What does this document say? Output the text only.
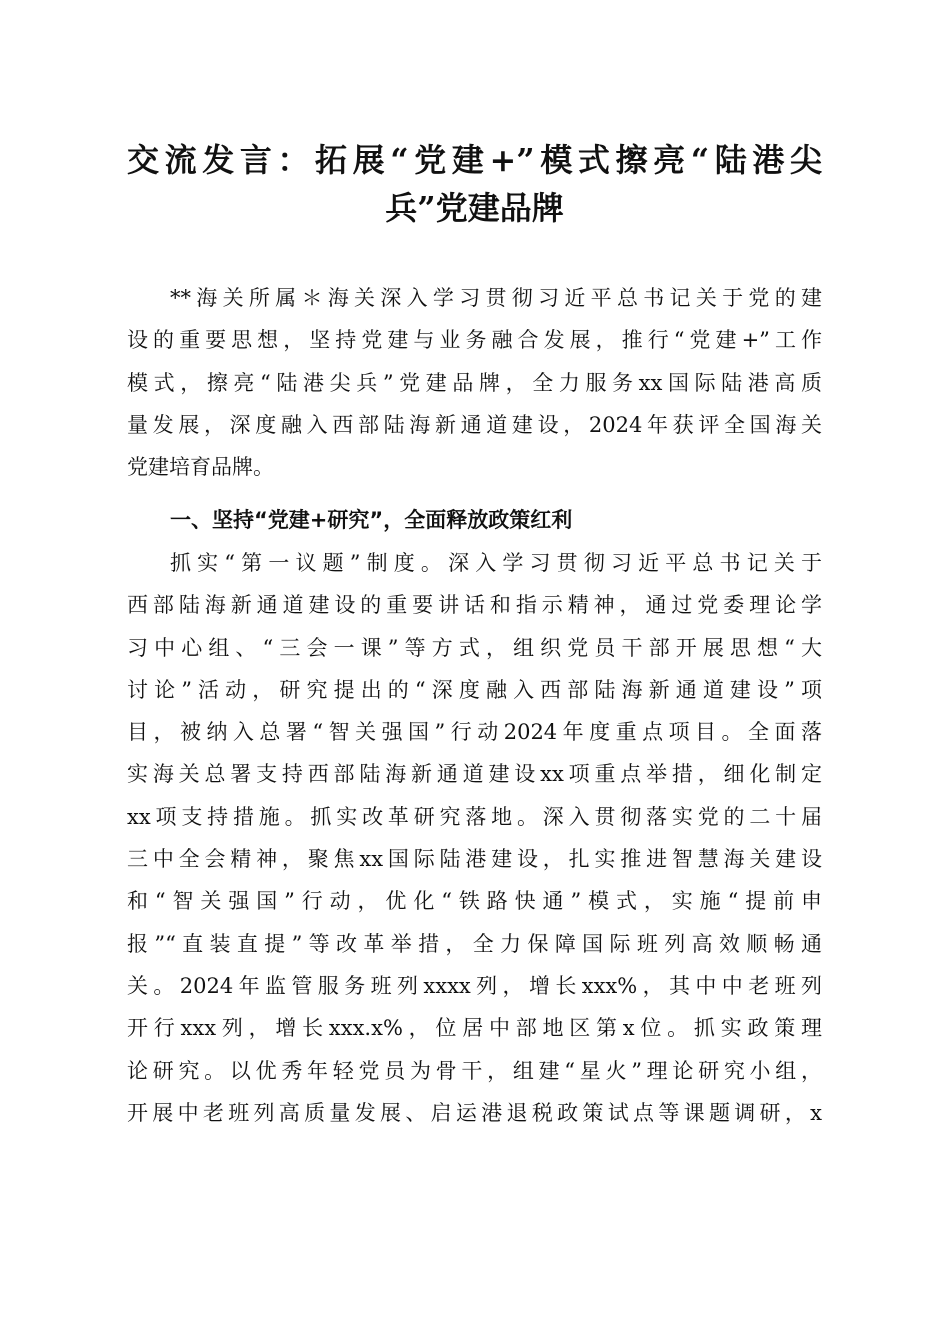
交流发言：拓展“党建+”模式擦亮“陆港尖
兵”党建品牌
**海关所属＊海关深入学习贯彻习近平总书记关于党的建
设的重要思想，坚持党建与业务融合发展，推行“党建+”工作
模式，擦亮“陆港尖兵”党建品牌，全力服务xx国际陆港高质
量发展，深度融入西部陆海新通道建设，2024年获评全国海关
党建培育品牌。
一、坚持“党建+研究”，全面释放政策红利
抓实“第一议题”制度。深入学习贯彻习近平总书记关于
西部陆海新通道建设的重要讲话和指示精神，通过党委理论学
习中心组、“三会一课”等方式，组织党员干部开展思想“大
讨论”活动，研究提出的“深度融入西部陆海新通道建设”项
目，被纳入总署“智关强国”行动2024年度重点项目。全面落
实海关总署支持西部陆海新通道建设xx项重点举措，细化制定
xx项支持措施。抓实改革研究落地。深入贯彻落实党的二十届
三中全会精神，聚焦xx国际陆港建设，扎实推进智慧海关建设
和“智关强国”行动，优化“铁路快通”模式，实施“提前申
报”“直装直提”等改革举措，全力保障国际班列高效顺畅通
关。2024年监管服务班列xxxx列，增长xxx%，其中中老班列
开行xxx列，增长xxx.x%，位居中部地区第x位。抓实政策理
论研究。以优秀年轻党员为骨干，组建“星火”理论研究小组，
开展中老班列高质量发展、启运港退税政策试点等课题调研，x
